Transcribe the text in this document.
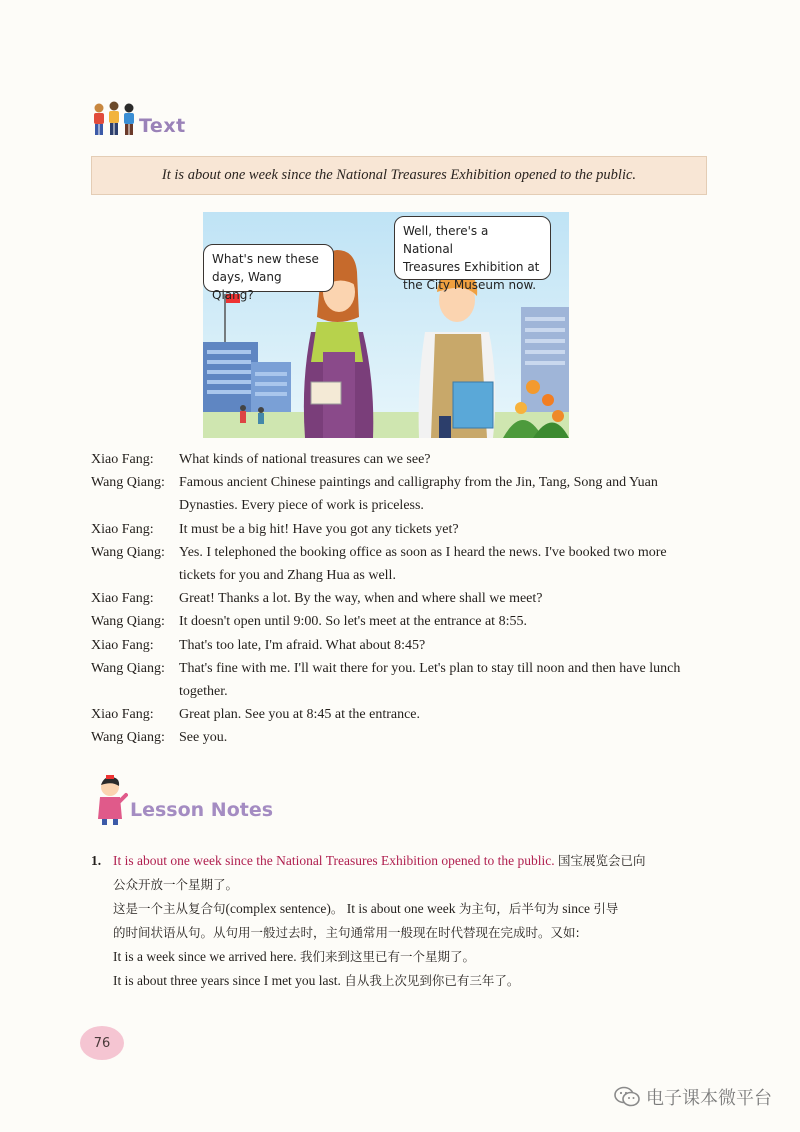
Text
It is about one week since the National Treasures Exhibition opened to the public.

What's new these

days, Wang Qiang?

Well, there's a National

Treasures Exhibition at

the City Museum now.

Xiao Fang:	What kinds of national treasures can we see?
Wang Qiang:	Famous ancient Chinese paintings and calligraphy from the Jin, Tang, Song and Yuan
Dynasties. Every piece of work is priceless.
Xiao Fang:	It must be a big hit! Have you got any tickets yet?
Wang Qiang:	Yes. I telephoned the booking office as soon as I heard the news. I've booked two more
tickets for you and Zhang Hua as well.
Xiao Fang:	Great! Thanks a lot. By the way, when and where shall we meet?
Wang Qiang:	It doesn't open until 9:00. So let's meet at the entrance at 8:55.
Xiao Fang:	That's too late, I'm afraid. What about 8:45?
Wang Qiang:	That's fine with me. I'll wait there for you. Let's plan to stay till noon and then have lunch
together.
Xiao Fang:	Great plan. See you at 8:45 at the entrance.
Wang Qiang:	See you.
Lesson Notes
1. It is about one week since the National Treasures Exhibition opened to the public. 国宝展览会已向

公众开放一个星期了。

这是一个主从复合句(complex sentence)。 It is about one week 为主句，后半句为 since 引导

的时间状语从句。从句用一般过去时，主句通常用一般现在时代替现在完成时。又如:

It is a week since we arrived here. 我们来到这里已有一个星期了。

It is about three years since I met you last. 自从我上次见到你已有三年了。

76
电子课本微平台
